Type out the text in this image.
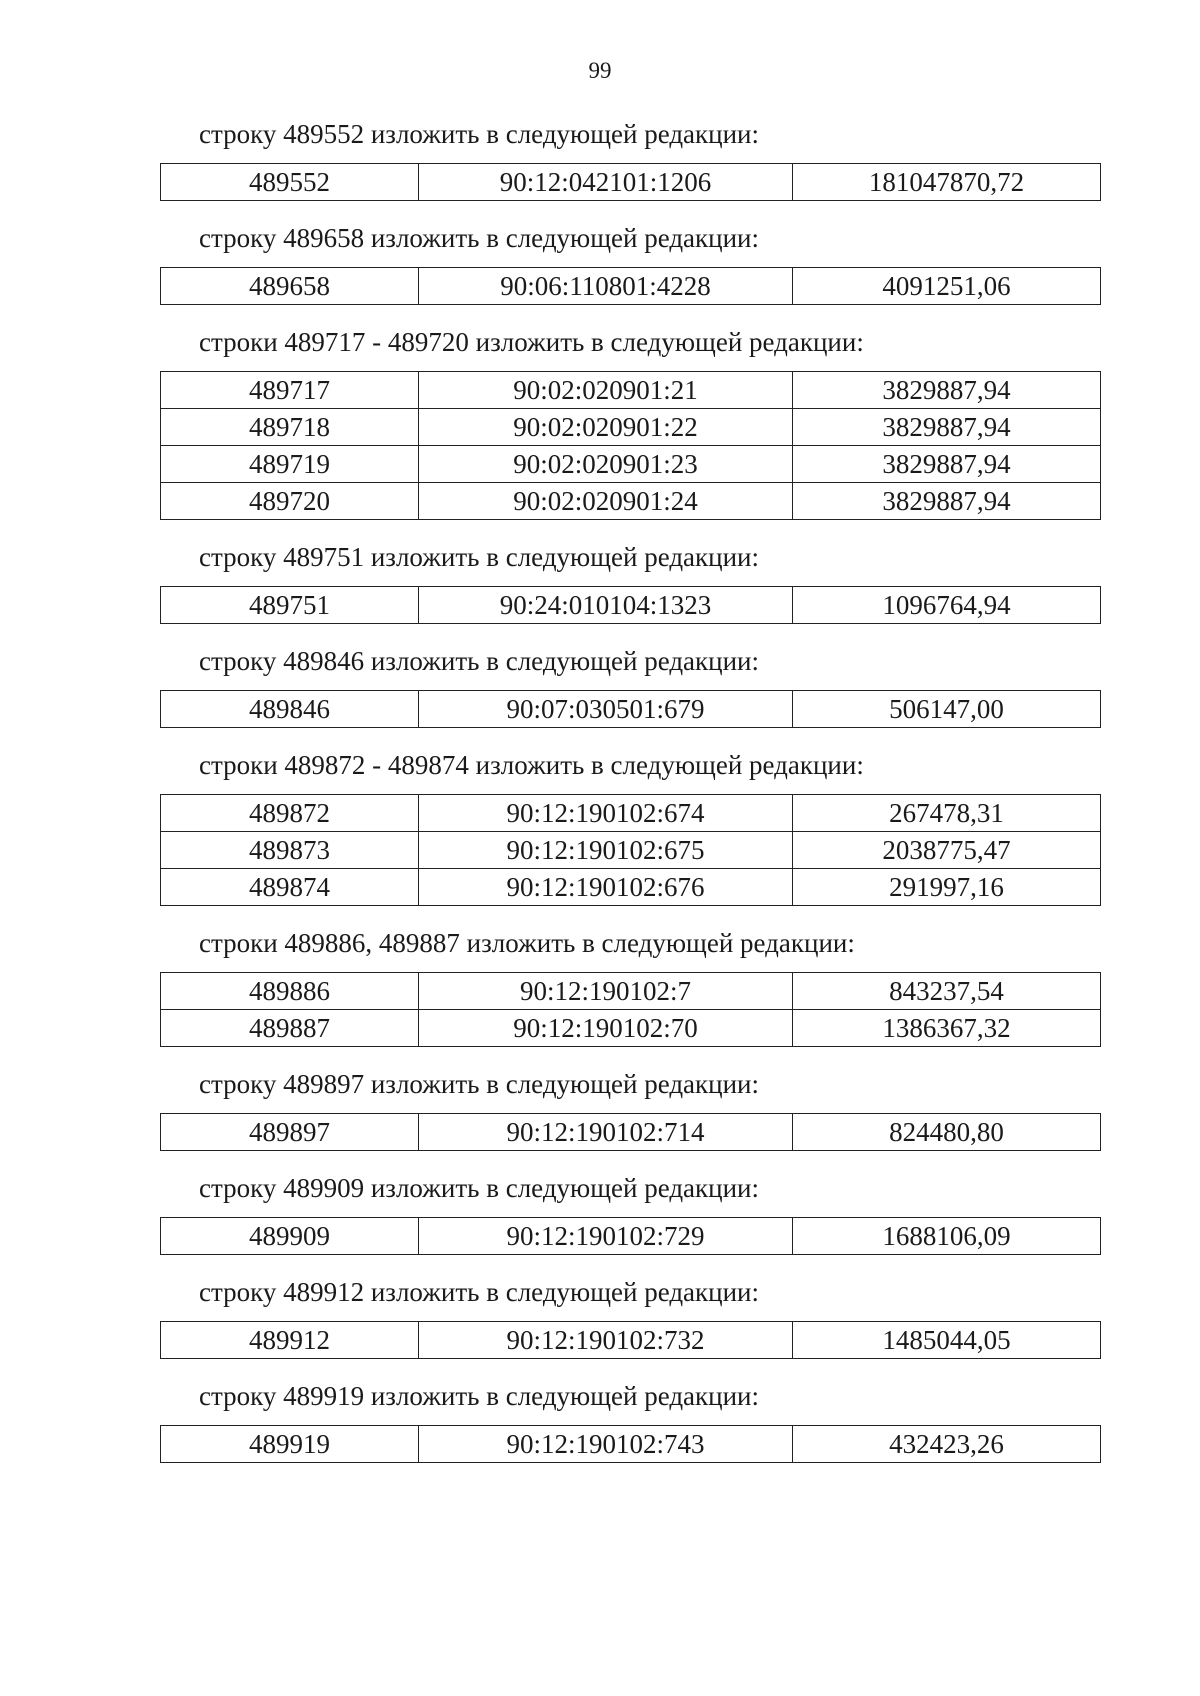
99
строку 489552 изложить в следующей редакции:
489552	90:12:042101:1206	181047870,72
строку 489658 изложить в следующей редакции:
489658	90:06:110801:4228	4091251,06
строки 489717 - 489720 изложить в следующей редакции:
489717	90:02:020901:21	3829887,94
489718	90:02:020901:22	3829887,94
489719	90:02:020901:23	3829887,94
489720	90:02:020901:24	3829887,94
строку 489751 изложить в следующей редакции:
489751	90:24:010104:1323	1096764,94
строку 489846 изложить в следующей редакции:
489846	90:07:030501:679	506147,00
строки 489872 - 489874 изложить в следующей редакции:
489872	90:12:190102:674	267478,31
489873	90:12:190102:675	2038775,47
489874	90:12:190102:676	291997,16
строки 489886, 489887 изложить в следующей редакции:
489886	90:12:190102:7	843237,54
489887	90:12:190102:70	1386367,32
строку 489897 изложить в следующей редакции:
489897	90:12:190102:714	824480,80
строку 489909 изложить в следующей редакции:
489909	90:12:190102:729	1688106,09
строку 489912 изложить в следующей редакции:
489912	90:12:190102:732	1485044,05
строку 489919 изложить в следующей редакции:
489919	90:12:190102:743	432423,26
